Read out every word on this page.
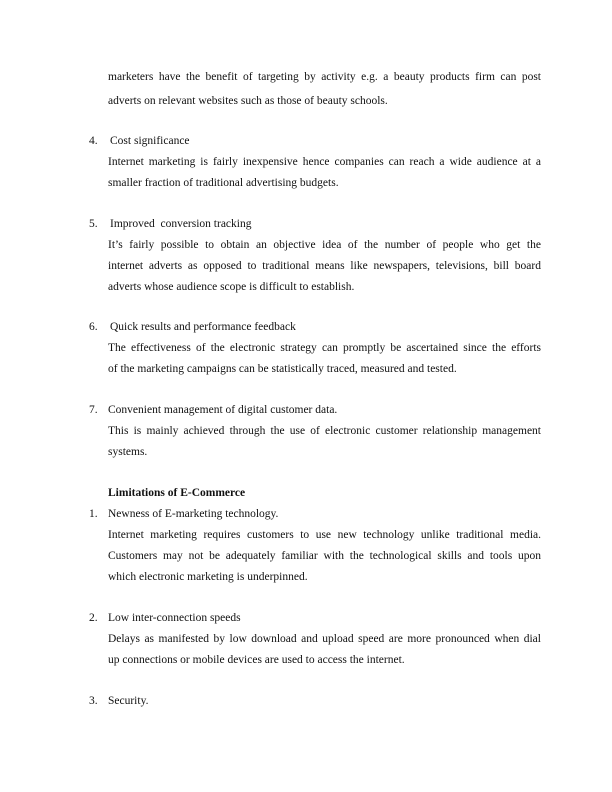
marketers have the benefit of targeting by activity e.g. a beauty products firm can post
adverts on relevant websites such as those of beauty schools.
4. Cost significance
Internet marketing is fairly inexpensive hence companies can reach a wide audience at a
smaller fraction of traditional advertising budgets.
5. Improved  conversion tracking
It’s fairly possible to obtain an objective idea of the number of people who get the
internet adverts as opposed to traditional means like newspapers, televisions, bill board
adverts whose audience scope is difficult to establish.
6. Quick results and performance feedback
The effectiveness of the electronic strategy can promptly be ascertained since the efforts
of the marketing campaigns can be statistically traced, measured and tested.
7. Convenient management of digital customer data.
This is mainly achieved through the use of electronic customer relationship management
systems.
Limitations of E-Commerce
1. Newness of E-marketing technology.
Internet marketing requires customers to use new technology unlike traditional media.
Customers may not be adequately familiar with the technological skills and tools upon
which electronic marketing is underpinned.
2. Low inter-connection speeds
Delays as manifested by low download and upload speed are more pronounced when dial
up connections or mobile devices are used to access the internet.
3. Security.
